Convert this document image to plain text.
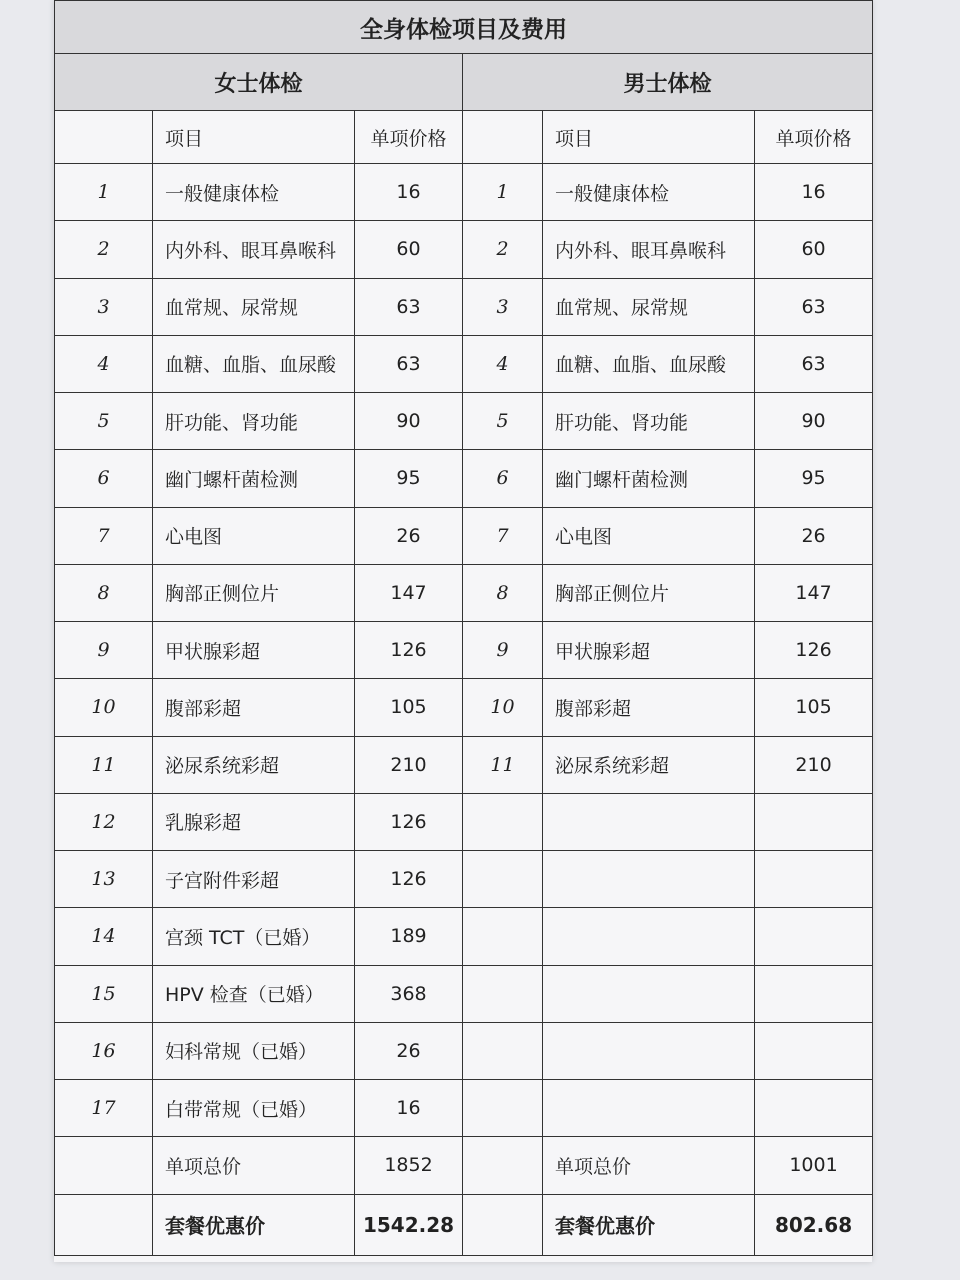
全身体检项目及费用					
女士体检			男士体检		
	项目	单项价格		项目	单项价格
1	一般健康体检	16	1	一般健康体检	16
2	内外科、眼耳鼻喉科	60	2	内外科、眼耳鼻喉科	60
3	血常规、尿常规	63	3	血常规、尿常规	63
4	血糖、血脂、血尿酸	63	4	血糖、血脂、血尿酸	63
5	肝功能、肾功能	90	5	肝功能、肾功能	90
6	幽门螺杆菌检测	95	6	幽门螺杆菌检测	95
7	心电图	26	7	心电图	26
8	胸部正侧位片	147	8	胸部正侧位片	147
9	甲状腺彩超	126	9	甲状腺彩超	126
10	腹部彩超	105	10	腹部彩超	105
11	泌尿系统彩超	210	11	泌尿系统彩超	210
12	乳腺彩超	126			
13	子宫附件彩超	126			
14	宫颈 TCT（已婚）	189			
15	HPV 检查（已婚）	368			
16	妇科常规（已婚）	26			
17	白带常规（已婚）	16			
	单项总价	1852		单项总价	1001
	套餐优惠价	1542.28		套餐优惠价	802.68
